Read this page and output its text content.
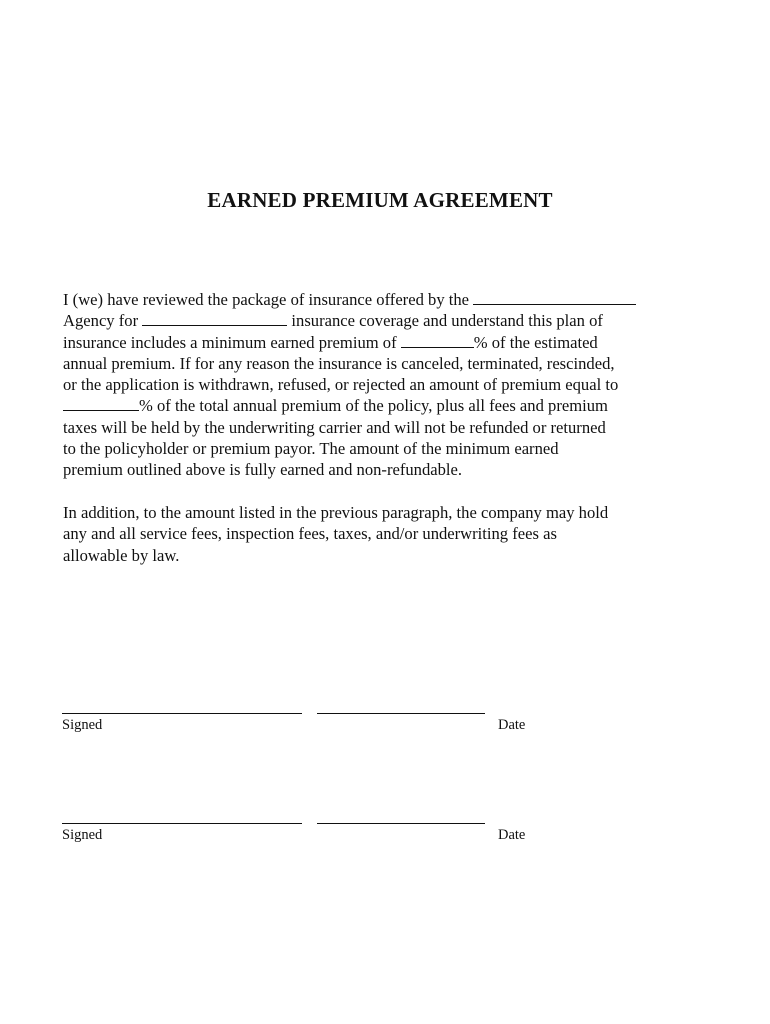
EARNED PREMIUM AGREEMENT
I (we) have reviewed the package of insurance offered by the
Agency for	insurance coverage and understand this plan of
insurance includes a minimum earned premium of	% of the estimated
annual premium. If for any reason the insurance is canceled, terminated, rescinded,
or the application is withdrawn, refused, or rejected an amount of premium equal to
% of the total annual premium of the policy, plus all fees and premium
taxes will be held by the underwriting carrier and will not be refunded or returned
to the policyholder or premium payor. The amount of the minimum earned
premium outlined above is fully earned and non-refundable.
In addition, to the amount listed in the previous paragraph, the company may hold
any and all service fees, inspection fees, taxes, and/or underwriting fees as
allowable by law.
Signed	Date
Signed	Date
